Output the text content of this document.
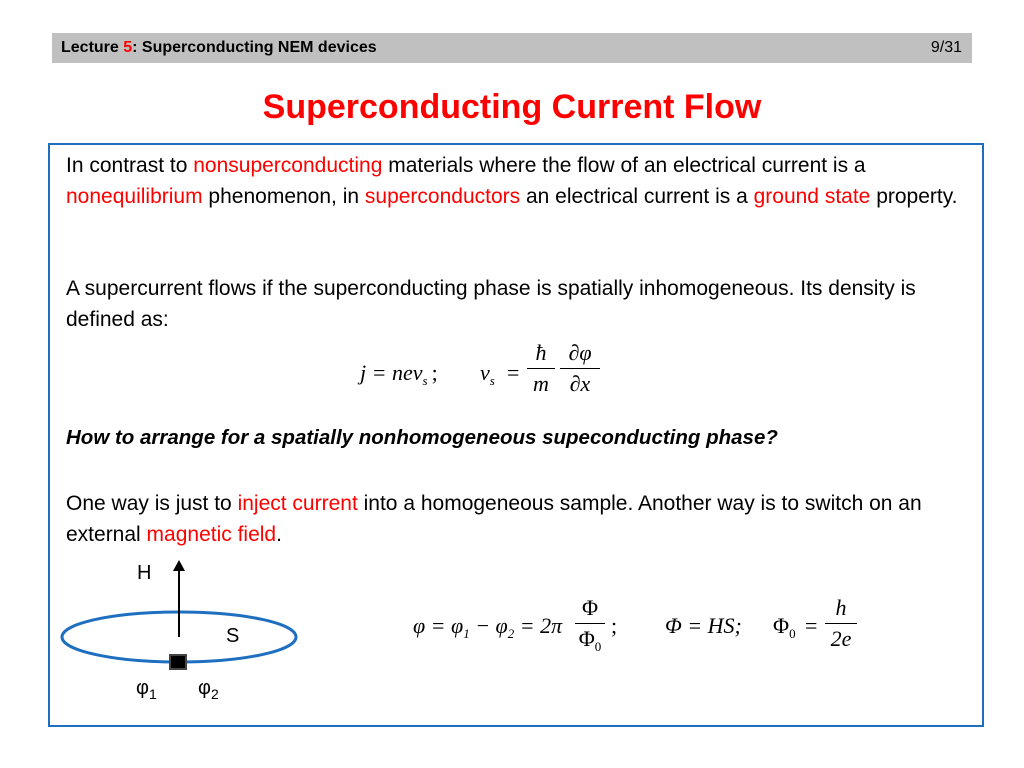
Lecture 5: Superconducting NEM devices	9/31
Superconducting Current Flow
In contrast to nonsuperconducting materials where the flow of an electrical current is a nonequilibrium phenomenon, in superconductors an electrical current is a ground state property.
A supercurrent flows if the superconducting phase is spatially inhomogeneous. Its density is defined as:
j = nev$_s$ ; $v_s$ =
ħ
m
∂φ
∂x
How to arrange for a spatially nonhomogeneous supeconducting phase?
One way is just to inject current into a homogeneous sample. Another way is to switch on an external magnetic field.
H
S
$\varphi_1$ $\varphi_2$
$\varphi = \varphi_1 - \varphi_2 = 2\pi$
Φ
$\Phi_0$
; Φ = HS; $\Phi_0$ =
h
2e
